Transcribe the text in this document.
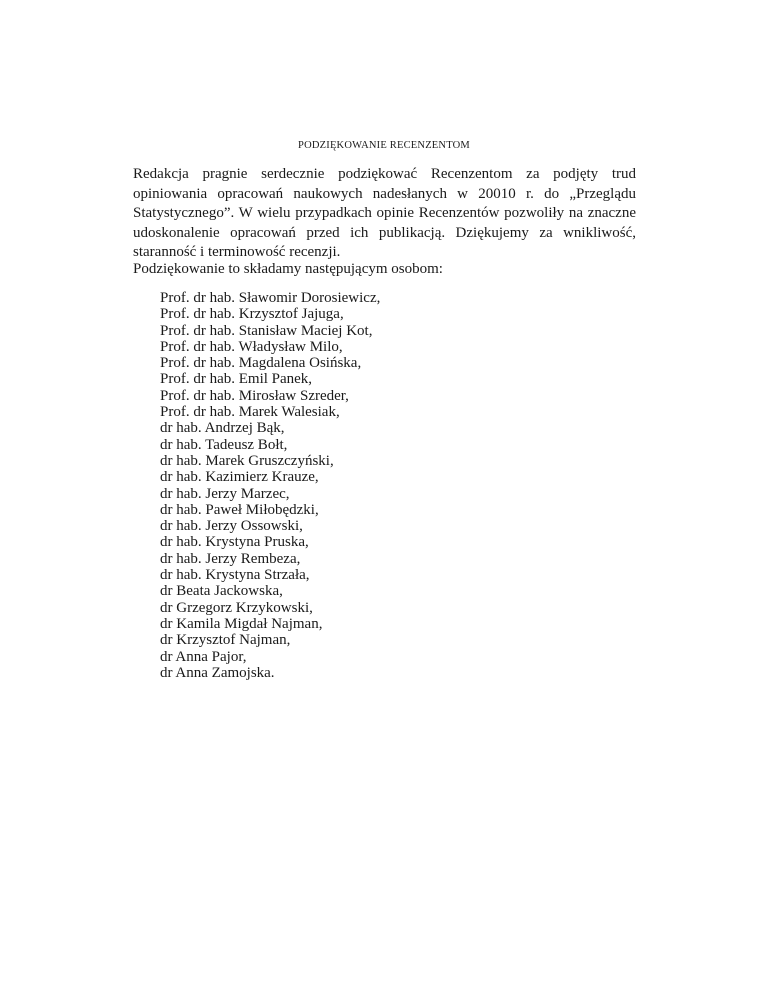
PODZIĘKOWANIE RECENZENTOM

Redakcja pragnie serdecznie podziękować Recenzentom za podjęty trud opiniowania opracowań naukowych nadesłanych w 20010 r. do „Przeglądu Statystycznego”. W wielu przypadkach opinie Recenzentów pozwoliły na znaczne udoskonalenie opracowań przed ich publikacją. Dziękujemy za wnikliwość, staranność i terminowość recenzji.

Podziękowanie to składamy następującym osobom:

Prof. dr hab. Sławomir Dorosiewicz,
Prof. dr hab. Krzysztof Jajuga,
Prof. dr hab. Stanisław Maciej Kot,
Prof. dr hab. Władysław Milo,
Prof. dr hab. Magdalena Osińska,
Prof. dr hab. Emil Panek,
Prof. dr hab. Mirosław Szreder,
Prof. dr hab. Marek Walesiak,
dr hab. Andrzej Bąk,
dr hab. Tadeusz Bołt,
dr hab. Marek Gruszczyński,
dr hab. Kazimierz Krauze,
dr hab. Jerzy Marzec,
dr hab. Paweł Miłobędzki,
dr hab. Jerzy Ossowski,
dr hab. Krystyna Pruska,
dr hab. Jerzy Rembeza,
dr hab. Krystyna Strzała,
dr Beata Jackowska,
dr Grzegorz Krzykowski,
dr Kamila Migdał Najman,
dr Krzysztof Najman,
dr Anna Pajor,
dr Anna Zamojska.
